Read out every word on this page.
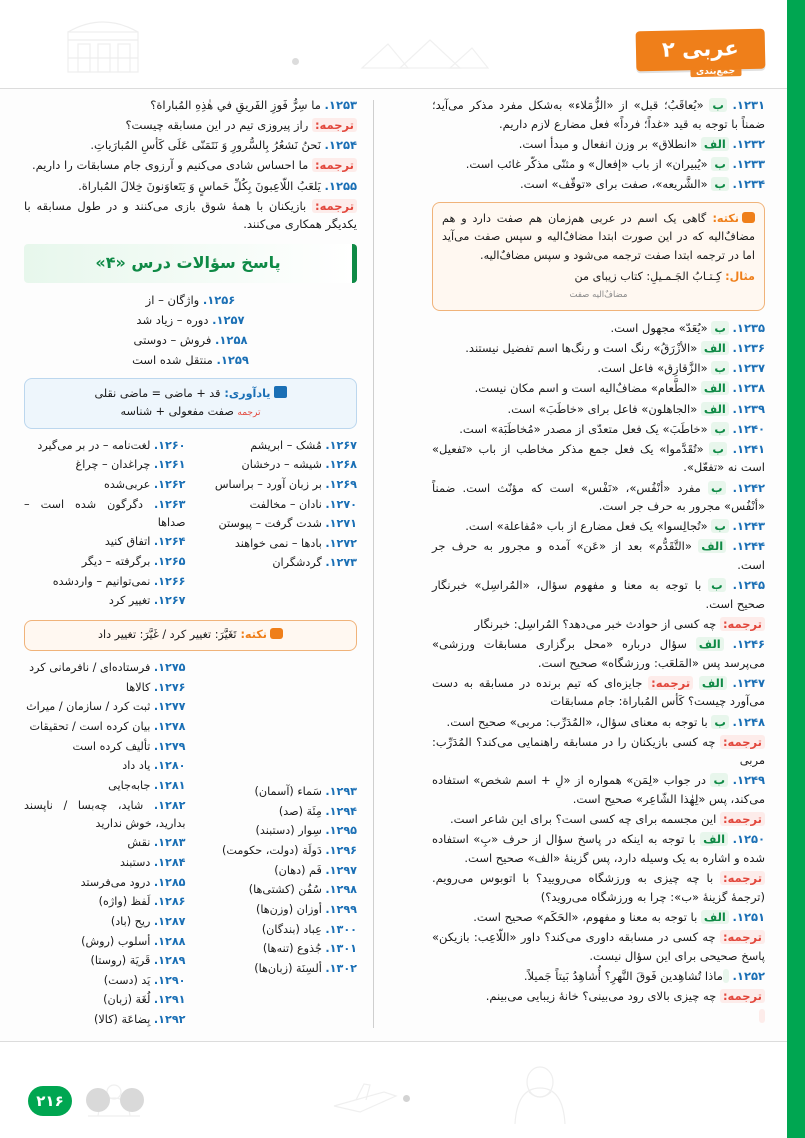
عربی ۲
جمع‌بندی
۱۲۳۱. ب «يُعاقَبُ؛ قبل» از «الزُّمَلاء» به‌شکل مفرد مذکر می‌آید؛ ضمناً با توجه به قید «غداً؛ فرداً» فعل مضارع لازم داریم.
۱۲۳۲. الف «انطلاق» بر وزن انفعال و مبدأ است.
۱۲۳۳. ب «یُبیران» از باب «إفعال» و مثنّی مذکّر غائب است.
۱۲۳۴. ب «الشَّریعه»، صفت برای «توقّف» است.
نکته: گاهی یک اسم در عربی هم‌زمان هم صفت دارد و هم مضافٌ‌الیه که در این صورت ابتدا مضافٌ‌الیه و سپس صفت می‌آید اما در ترجمه ابتدا صفت ترجمه می‌شود و سپس مضافٌ‌الیه.
مثال: كِـتـابُ الجَـمـيلِ: کتاب زیبای من
مضافٌ‌الیه صفت
۱۲۳۵. ب «یُعَدّ» مجهول است.
۱۲۳۶. الف «الأزْرَقُ» رنگ است و رنگ‌ها اسم تفضیل نیستند.
۱۲۳۷. ب «الزَّقازِق» فاعل است.
۱۲۳۸. الف «الطَّعام» مضافٌ‌الیه است و اسم مکان نیست.
۱۲۳۹. الف «الجاهلون» فاعل برای «خاطَبَ» است.
۱۲۴۰. ب «خاطَبَ» یک فعل متعدّی از مصدر «مُخاطَبَة» است.
۱۲۴۱. ب «تُقَدَّموا» یک فعل جمع مذکر مخاطب از باب «تَفعیل» است نه «تفعّل».
۱۲۴۲. ب مفرد «أنْفُس»، «نَفْس» است که مؤنّث است. ضمناً «أنْفُس» مجرور به حرف جر است.
۱۲۴۳. ب «تُجالِسوا» یک فعل مضارع از باب «مُفاعلة» است.
۱۲۴۴. الف «التَّقَدُّم» بعد از «عَن» آمده و مجرور به حرف جر است.
۱۲۴۵. ب با توجه به معنا و مفهوم سؤال، «المُراسِل» خبرنگار صحیح است.
ترجمه: چه کسی از حوادث خبر می‌دهد؟ المُراسِل: خبرنگار
۱۲۴۶. الف سؤال درباره «محل برگزاری مسابقات ورزشی» می‌پرسد پس «المَلعَب: ورزشگاه» صحیح است.
۱۲۴۷. الف ترجمه: جایزه‌ای که تیم برنده در مسابقه به دست می‌آورد چیست؟ کَأس المُباراة: جام مسابقات
۱۲۴۸. ب با توجه به معنای سؤال، «المُدَرِّب: مربی» صحیح است.
ترجمه: چه کسی بازیکنان را در مسابقه راهنمایی می‌کند؟ المُدَرِّب: مربی
۱۲۴۹. ب در جواب «لِمَن» همواره از «لِ + اسم شخص» استفاده می‌کند، پس «لِهٰذا الشّاعِر» صحیح است.
ترجمه: این مجسمه برای چه کسی است؟ برای این شاعر است.
۱۲۵۰. الف با توجه به اینکه در پاسخ سؤال از حرف «بِ» استفاده شده و اشاره به یک وسیله دارد، پس گزینۀ «الف» صحیح است.
ترجمه: با چه چیزی به ورزشگاه می‌رویید؟ با اتوبوس می‌رویم. (ترجمۀ گزینۀ «ب»: چرا به ورزشگاه می‌روید؟)
۱۲۵۱. الف با توجه به معنا و مفهوم، «الحَکَم» صحیح است.
ترجمه: چه کسی در مسابقه داوری می‌کند؟ داور «اللّاعِب: بازیکن» پاسخ صحیحی برای این سؤال نیست.
۱۲۵۲. ماذا تُشاهِدین فَوقَ النَّهرِ؟ أُشاهِدُ بَیتاً جَمیلاً.
ترجمه: چه چیزی بالای رود می‌بینی؟ خانۀ زیبایی می‌بینم.
۱۲۵۳. ما سِرُّ فَوزِ الفَریقِ في هٰذِهِ المُباراة؟
ترجمه: راز پیروزی تیم در این مسابقه چیست؟
۱۲۵۴. نَحنُ نَشعُرُ بِالسُّرورِ وَ نَتَمَنّی عَلَی کَأسِ المُبارَیاتِ.
ترجمه: ما احساس شادی می‌کنیم و آرزوی جام مسابقات را داریم.
۱۲۵۵. یَلعَبُ اللّاعِبونَ بِکُلِّ حَماسٍ وَ یَتَعاوَنونَ خِلالَ المُباراة.
ترجمه: بازیکنان با همۀ شوق بازی می‌کنند و در طول مسابقه با یکدیگر همکاری می‌کنند.
پاسخ سؤالات درس «۴»
۱۲۵۶. واژگان – از
۱۲۵۷. دوره – زیاد شد
۱۲۵۸. فروش – دوستی
۱۲۵۹. منتقل شده است
یادآوری: قد + ماضی = ماضی نقلی
ترجمه صفت مفعولی + شناسه
۱۲۶۰. لغت‌نامه – در بر می‌گیرد
۱۲۶۱. چراغدان – چراغ
۱۲۶۲. عربی‌شده
۱۲۶۳. دگرگون شده است – صداها
۱۲۶۴. اتفاق کنید
۱۲۶۵. برگرفته – دیگر
۱۲۶۶. نمی‌توانیم – واردشده
۱۲۶۷. تغییر کرد
۱۲۶۷. مُشک – ابریشم
۱۲۶۸. شیشه – درخشان
۱۲۶۹. بر زبان آورد – براساس
۱۲۷۰. نادان – مخالفت
۱۲۷۱. شدت گرفت – پیوستن
۱۲۷۲. بادها – نمی خواهند
۱۲۷۳. گردشگران
نکته: تَغَیَّرَ: تغییر کرد / غَیَّرَ: تغییر داد
۱۲۷۵. فرستاده‌ای / نافرمانی کرد
۱۲۷۶. کالاها
۱۲۷۷. ثبت کرد / سازمان / میراث
۱۲۷۸. بیان کرده است / تحقیقات
۱۲۷۹. تألیف کرده است
۱۲۸۰. یاد داد
۱۲۸۱. جابه‌جایی
۱۲۸۲. شاید، چه‌بسا / ناپسند بدارید، خوش ندارید
۱۲۸۳. نقش
۱۲۸۴. دستبند
۱۲۸۵. درود می‌فرستد
۱۲۸۶. لَفظ (واژه)
۱۲۸۷. ریح (باد)
۱۲۸۸. أسلوب (روش)
۱۲۸۹. قَریَة (روستا)
۱۲۹۰. یَد (دست)
۱۲۹۱. لُغَة (زبان)
۱۲۹۲. بِضاعَة (کالا)
۱۲۹۳. سَماء (آسمان)
۱۲۹۴. مِئَة (صد)
۱۲۹۵. سِوار (دستبند)
۱۲۹۶. دَولَة (دولت، حکومت)
۱۲۹۷. فَم (دهان)
۱۲۹۸. سُفُن (کشتی‌ها)
۱۲۹۹. أوزان (وزن‌ها)
۱۳۰۰. عِباد (بندگان)
۱۳۰۱. جُذوع (تنه‌ها)
۱۳۰۲. ألسِنَة (زبان‌ها)
۲۱۶
